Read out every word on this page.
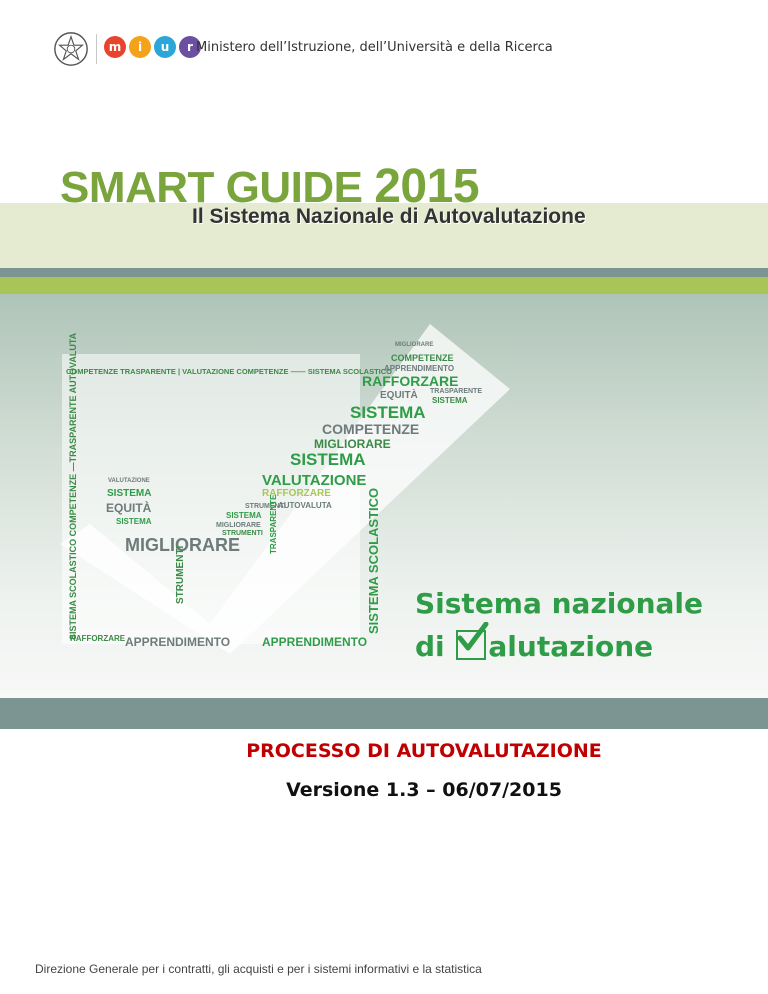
m	i	u	r Ministero dell’Istruzione, dell’Università e della Ricerca
SMART GUIDE 2015
Il Sistema Nazionale di Autovalutazione
COMPETENZE TRASPARENTE | VALUTAZIONE COMPETENZE —— SISTEMA SCOLASTICO
SISTEMA SCOLASTICO COMPETENZE —TRASPARENTE AUTOVALUTA	SISTEMA SCOLASTICO
RAFFORZARE APPRENDIMENTO	APPRENDIMENTO
MIGLIORARE
COMPETENZE
APPRENDIMENTO
RAFFORZARE
TRASPARENTE
EQUITÀ SISTEMA
SISTEMA
COMPETENZE
MIGLIORARE
SISTEMA
VALUTAZIONE
RAFFORZARE
STRUMENTI
AUTOVALUTA
SISTEMA
MIGLIORARE
STRUMENTI
MIGLIORARE
SISTEMA
EQUITÀ
SISTEMA
VALUTAZIONE
STRUMENTI
TRASPARENTE
Sistema nazionale
di alutazione
PROCESSO DI AUTOVALUTAZIONE
Versione 1.3 – 06/07/2015
Direzione Generale per i contratti, gli acquisti e per i sistemi informativi e la statistica
